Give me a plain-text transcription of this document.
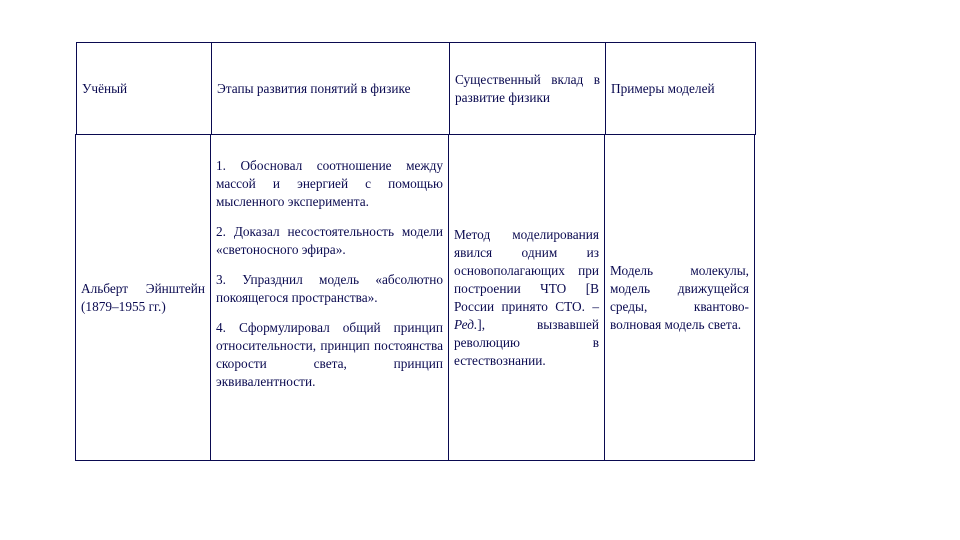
Учёный	Этапы развития понятий в физике

Существенный вклад в развитие физики

Примеры моделей

Альберт Эйнштейн (1879–1955 гг.)

1. Обосновал соотношение между массой и энергией с помощью мысленного эксперимента.

2. Доказал несостоятельность модели «светоносного эфира».

3. Упразднил модель «абсолютно покоящегося пространства».

4. Сформулировал общий принцип относительности, принцип постоянства скорости света, принцип эквивалентности.

Метод моделирования явился одним из основополагающих при построении ЧТО [В России принято СТО. – Ред.], вызвавшей революцию в естествознании.

Модель молекулы, модель движущейся среды, квантово-волновая модель света.
